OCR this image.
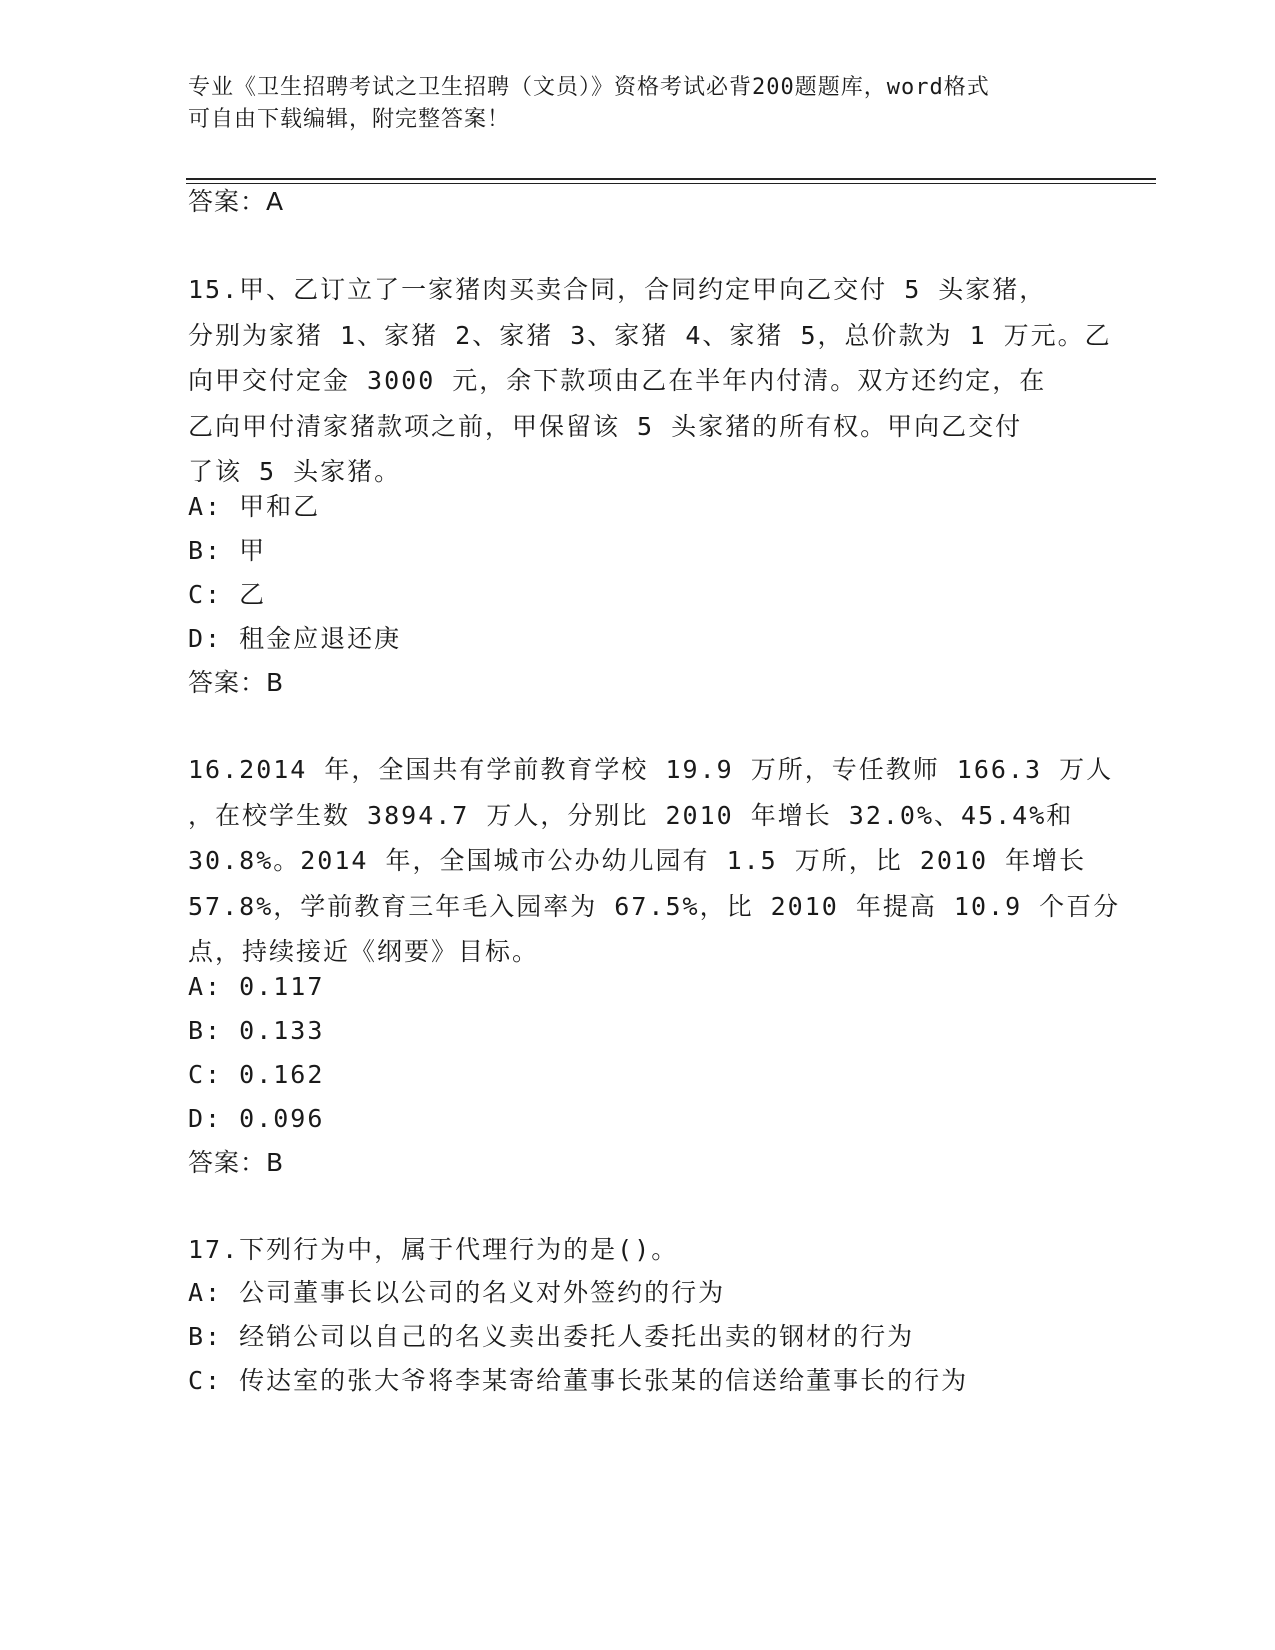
专业《卫生招聘考试之卫生招聘（文员）》资格考试必背200题题库，word格式
可自由下载编辑，附完整答案！
答案：A
15.甲、乙订立了一家猪肉买卖合同，合同约定甲向乙交付 5 头家猪，
分别为家猪 1、家猪 2、家猪 3、家猪 4、家猪 5，总价款为 1 万元。乙
向甲交付定金 3000 元，余下款项由乙在半年内付清。双方还约定，在
乙向甲付清家猪款项之前，甲保留该 5 头家猪的所有权。甲向乙交付
了该 5 头家猪。
A: 甲和乙
B: 甲
C: 乙
D: 租金应退还庚
答案：B
16.2014 年，全国共有学前教育学校 19.9 万所，专任教师 166.3 万人
，在校学生数 3894.7 万人，分别比 2010 年增长 32.0%、45.4%和
30.8%。2014 年，全国城市公办幼儿园有 1.5 万所，比 2010 年增长
57.8%，学前教育三年毛入园率为 67.5%，比 2010 年提高 10.9 个百分
点，持续接近《纲要》目标。
A: 0.117
B: 0.133
C: 0.162
D: 0.096
答案：B
17.下列行为中，属于代理行为的是()。
A: 公司董事长以公司的名义对外签约的行为
B: 经销公司以自己的名义卖出委托人委托出卖的钢材的行为
C: 传达室的张大爷将李某寄给董事长张某的信送给董事长的行为
